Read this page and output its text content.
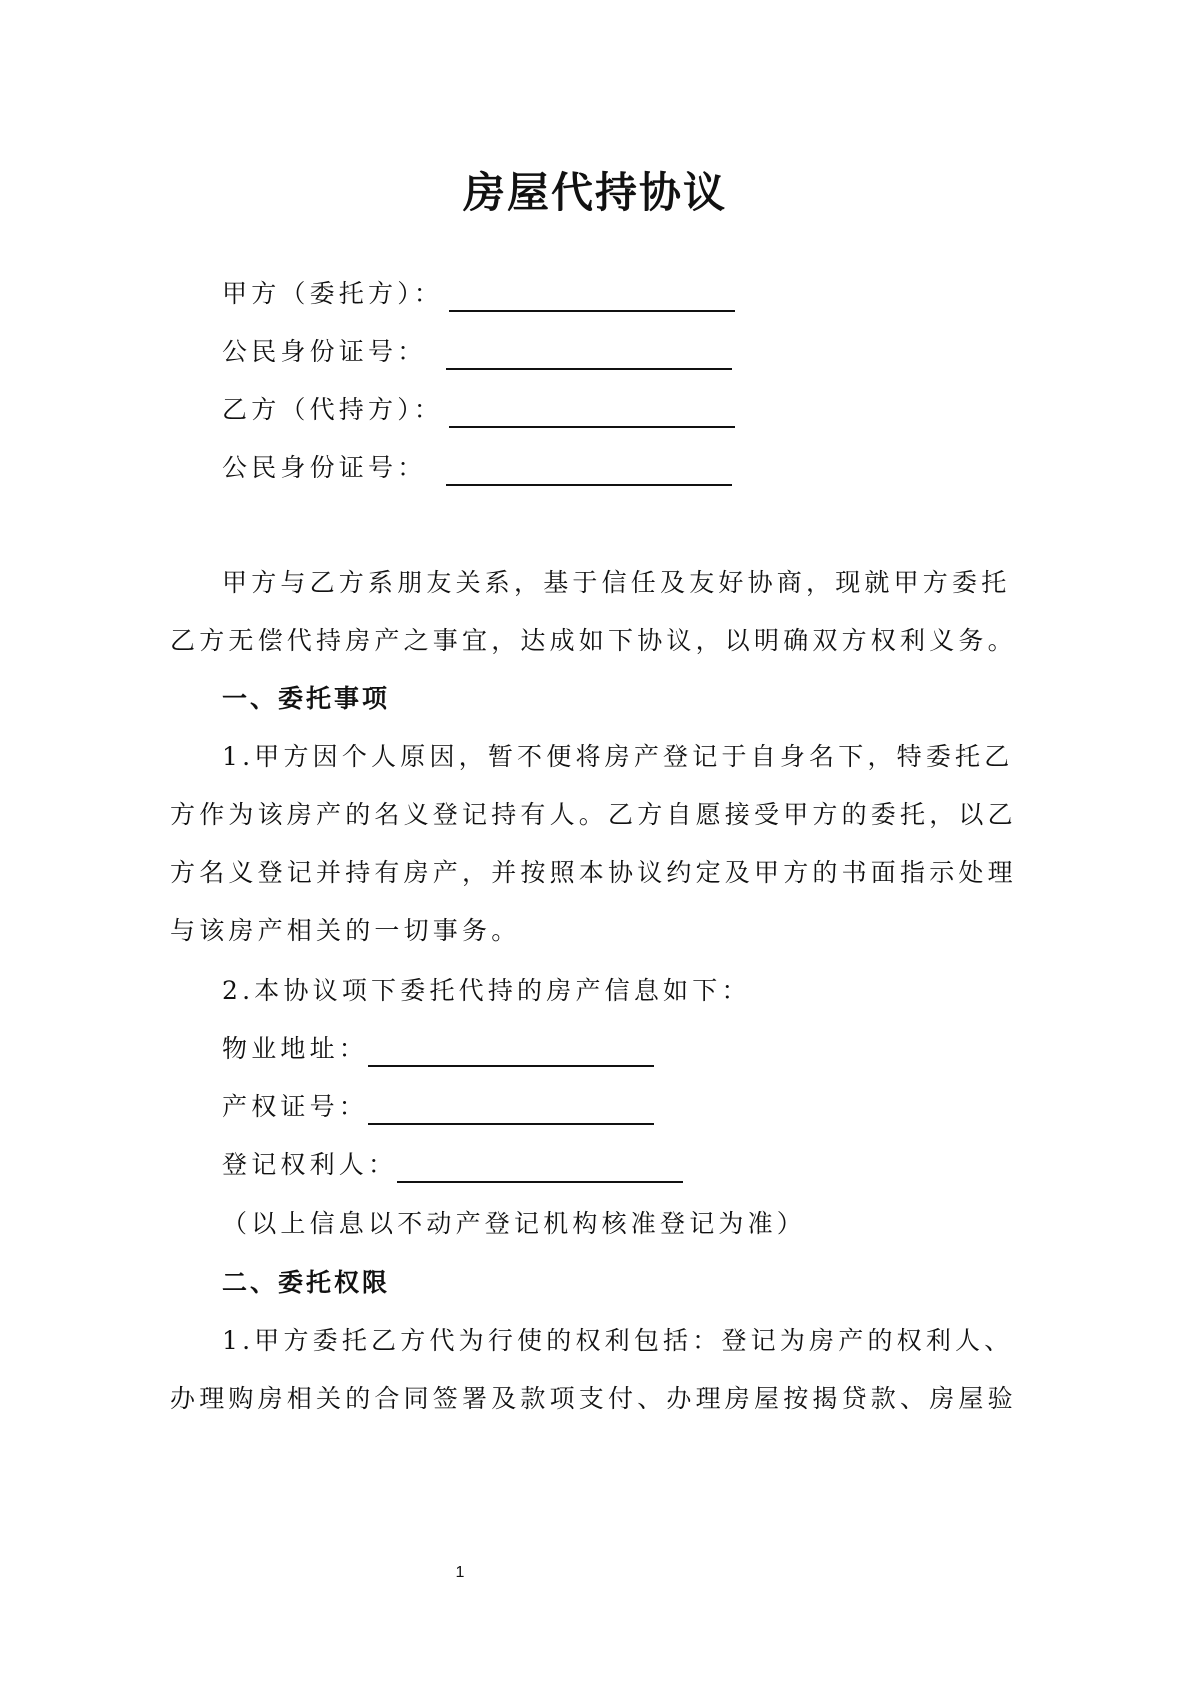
房屋代持协议
甲方（委托方）：
公民身份证号：
乙方（代持方）：
公民身份证号：
甲方与乙方系朋友关系，基于信任及友好协商，现就甲方委托
乙方无偿代持房产之事宜，达成如下协议，以明确双方权利义务。
一、委托事项
1.甲方因个人原因，暂不便将房产登记于自身名下，特委托乙
方作为该房产的名义登记持有人。乙方自愿接受甲方的委托，以乙
方名义登记并持有房产，并按照本协议约定及甲方的书面指示处理
与该房产相关的一切事务。
2.本协议项下委托代持的房产信息如下：
物业地址：
产权证号：
登记权利人：
（以上信息以不动产登记机构核准登记为准）
二、委托权限
1.甲方委托乙方代为行使的权利包括：登记为房产的权利人、
办理购房相关的合同签署及款项支付、办理房屋按揭贷款、房屋验
1
